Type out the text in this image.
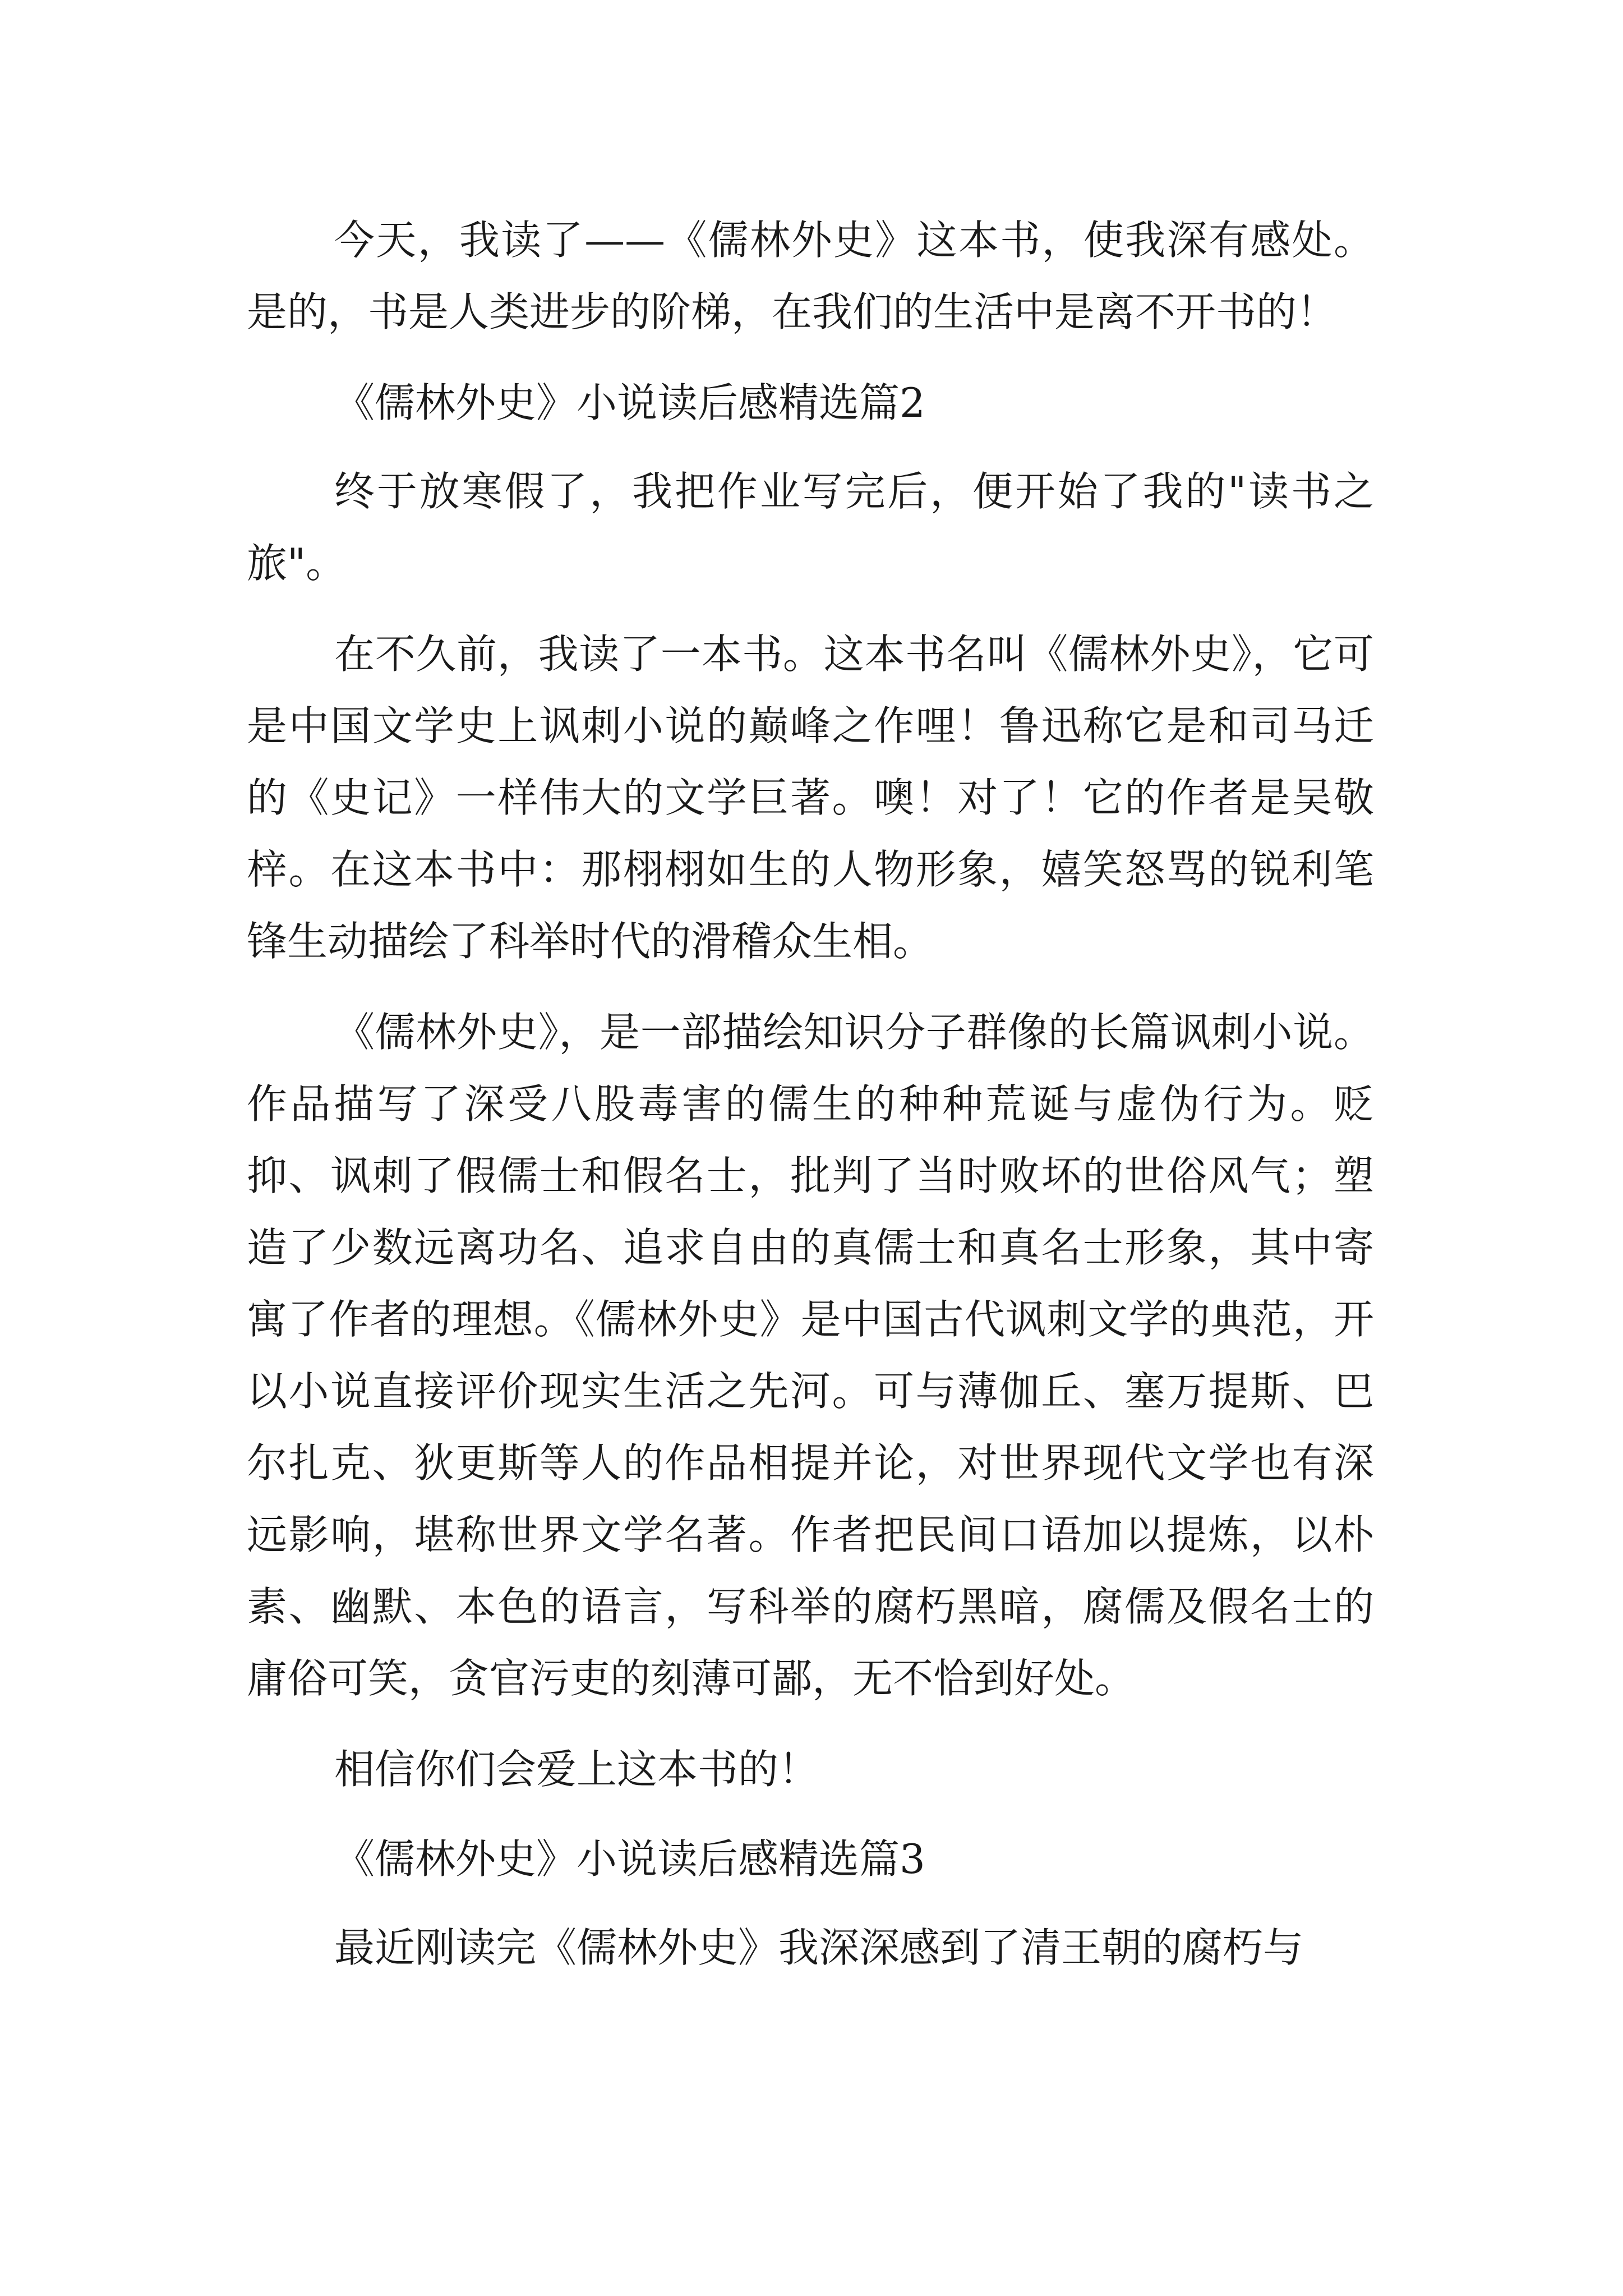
今天，我读了——《儒林外史》这本书，使我深有感处。是的，书是人类进步的阶梯，在我们的生活中是离不开书的！

《儒林外史》小说读后感精选篇2

终于放寒假了，我把作业写完后，便开始了我的"读书之旅"。

在不久前，我读了一本书。这本书名叫《儒林外史》，它可是中国文学史上讽刺小说的巅峰之作哩！鲁迅称它是和司马迁的《史记》一样伟大的文学巨著。噢！对了！它的作者是吴敬梓。在这本书中：那栩栩如生的人物形象，嬉笑怒骂的锐利笔锋生动描绘了科举时代的滑稽众生相。

《儒林外史》，是一部描绘知识分子群像的长篇讽刺小说。作品描写了深受八股毒害的儒生的种种荒诞与虚伪行为。贬抑、讽刺了假儒士和假名士，批判了当时败坏的世俗风气；塑造了少数远离功名、追求自由的真儒士和真名士形象，其中寄寓了作者的理想。《儒林外史》是中国古代讽刺文学的典范，开以小说直接评价现实生活之先河。可与薄伽丘、塞万提斯、巴尔扎克、狄更斯等人的作品相提并论，对世界现代文学也有深远影响，堪称世界文学名著。作者把民间口语加以提炼，以朴素、幽默、本色的语言，写科举的腐朽黑暗，腐儒及假名士的庸俗可笑，贪官污吏的刻薄可鄙，无不恰到好处。

相信你们会爱上这本书的！

《儒林外史》小说读后感精选篇3

最近刚读完《儒林外史》我深深感到了清王朝的腐朽与
